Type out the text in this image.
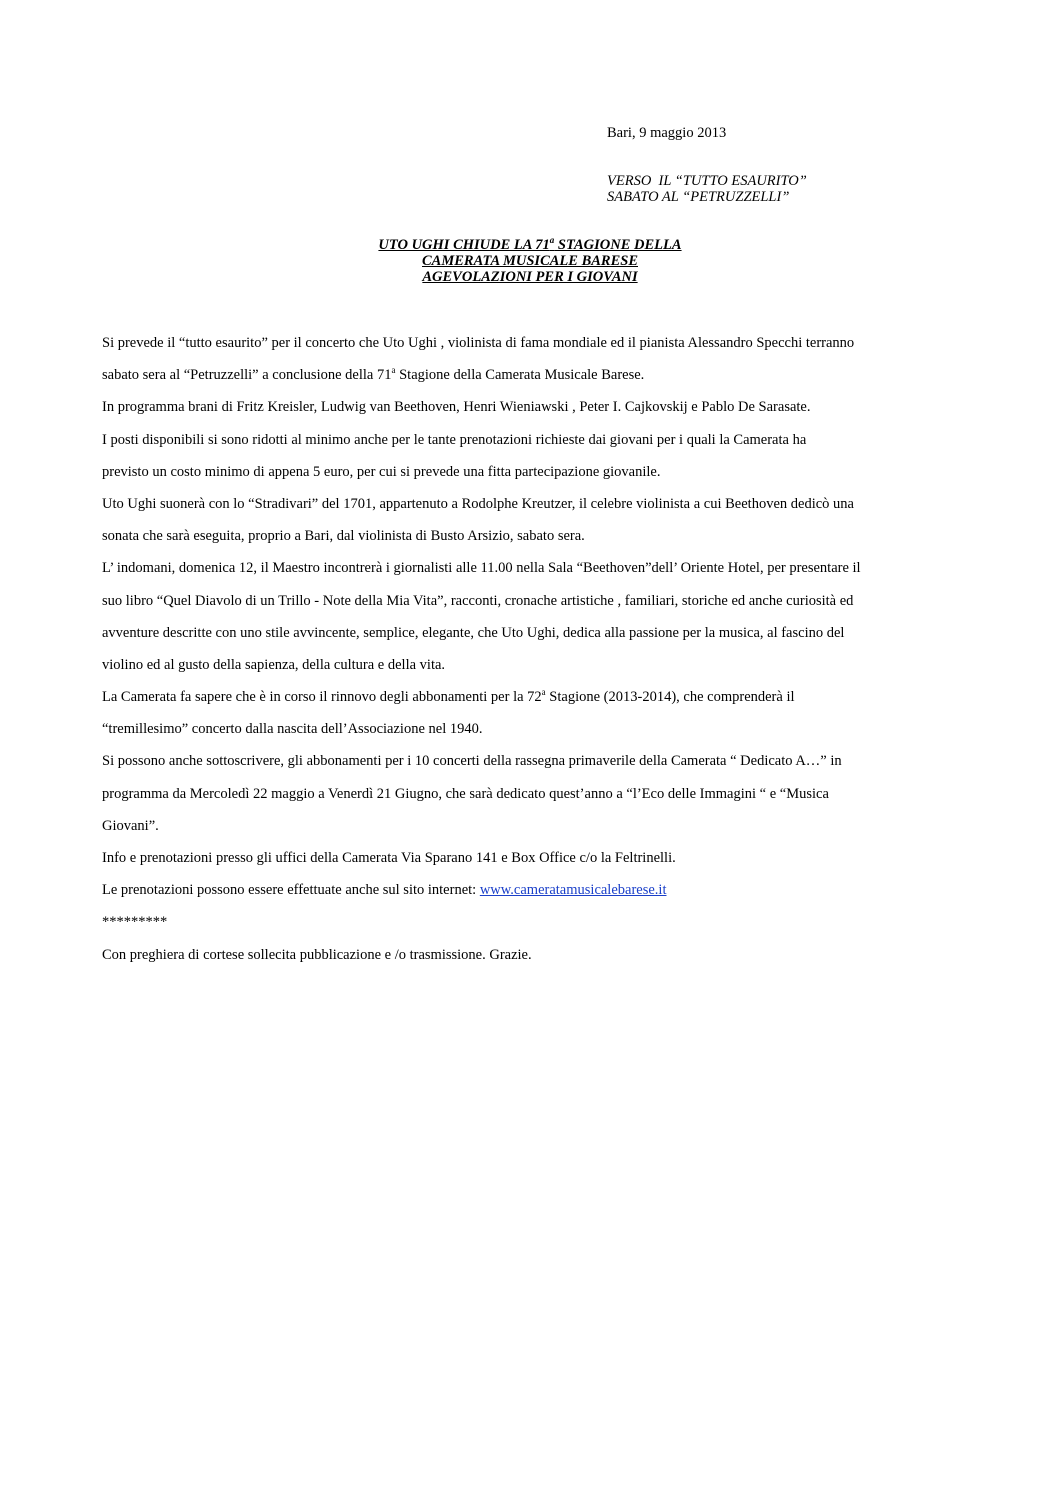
Bari, 9 maggio 2013
VERSO  IL “TUTTO ESAURITO”
SABATO AL “PETRUZZELLI”
UTO UGHI CHIUDE LA 71$^a$ STAGIONE DELLA
CAMERATA MUSICALE BARESE
AGEVOLAZIONI PER I GIOVANI
Si prevede il “tutto esaurito” per il concerto che Uto Ughi , violinista di fama mondiale ed il pianista Alessandro Specchi terranno
sabato sera al “Petruzzelli” a conclusione della 71$^a$ Stagione della Camerata Musicale Barese.
In programma brani di Fritz Kreisler, Ludwig van Beethoven, Henri Wieniawski , Peter I. Cajkovskij e Pablo De Sarasate.
I posti disponibili si sono ridotti al minimo anche per le tante prenotazioni richieste dai giovani per i quali la Camerata ha
previsto un costo minimo di appena 5 euro, per cui si prevede una fitta partecipazione giovanile.
Uto Ughi suonerà con lo “Stradivari” del 1701, appartenuto a Rodolphe Kreutzer, il celebre violinista a cui Beethoven dedicò una
sonata che sarà eseguita, proprio a Bari, dal violinista di Busto Arsizio, sabato sera.
L’ indomani, domenica 12, il Maestro incontrerà i giornalisti alle 11.00 nella Sala “Beethoven”dell’ Oriente Hotel, per presentare il
suo libro “Quel Diavolo di un Trillo - Note della Mia Vita”, racconti, cronache artistiche , familiari, storiche ed anche curiosità ed
avventure descritte con uno stile avvincente, semplice, elegante, che Uto Ughi, dedica alla passione per la musica, al fascino del
violino ed al gusto della sapienza, della cultura e della vita.
La Camerata fa sapere che è in corso il rinnovo degli abbonamenti per la 72$^a$ Stagione (2013-2014), che comprenderà il
“tremillesimo” concerto dalla nascita dell’Associazione nel 1940.
Si possono anche sottoscrivere, gli abbonamenti per i 10 concerti della rassegna primaverile della Camerata “ Dedicato A…” in
programma da Mercoledì 22 maggio a Venerdì 21 Giugno, che sarà dedicato quest’anno a “l’Eco delle Immagini “ e “Musica
Giovani”.
Info e prenotazioni presso gli uffici della Camerata Via Sparano 141 e Box Office c/o la Feltrinelli.
Le prenotazioni possono essere effettuate anche sul sito internet: www.cameratamusicalebarese.it
*********
Con preghiera di cortese sollecita pubblicazione e /o trasmissione. Grazie.
